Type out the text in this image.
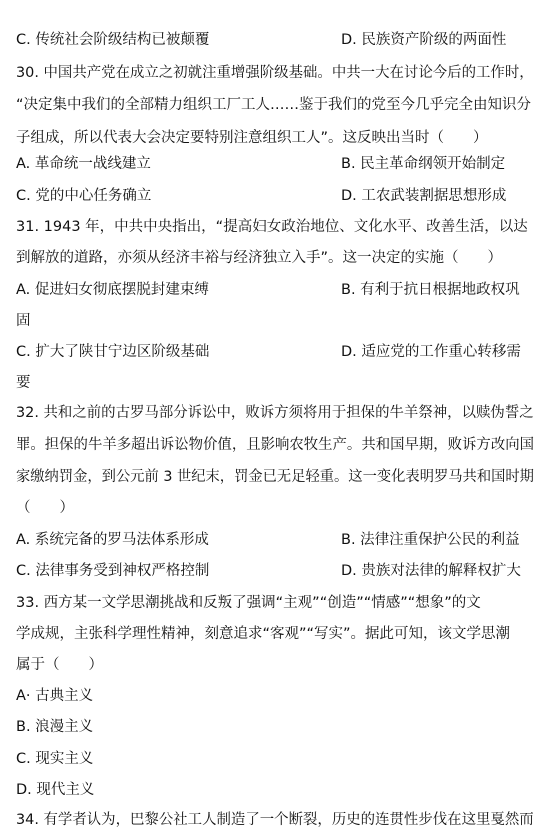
C. 传统社会阶级结构已被颠覆	D. 民族资产阶级的两面性
30. 中国共产党在成立之初就注重增强阶级基础。中共一大在讨论今后的工作时，
“决定集中我们的全部精力组织工厂工人……鉴于我们的党至今几乎完全由知识分
子组成，所以代表大会决定要特别注意组织工人”。这反映出当时（　　）
A. 革命统一战线建立	B. 民主革命纲领开始制定
C. 党的中心任务确立	D. 工农武装割据思想形成
31. 1943 年，中共中央指出，“提高妇女政治地位、文化水平、改善生活，以达
到解放的道路，亦须从经济丰裕与经济独立入手”。这一决定的实施（　　）
A. 促进妇女彻底摆脱封建束缚	B. 有利于抗日根据地政权巩
固
C. 扩大了陕甘宁边区阶级基础	D. 适应党的工作重心转移需
要
32. 共和之前的古罗马部分诉讼中，败诉方须将用于担保的牛羊祭神，以赎伪誓之
罪。担保的牛羊多超出诉讼物价值，且影响农牧生产。共和国早期，败诉方改向国
家缴纳罚金，到公元前 3 世纪末，罚金已无足轻重。这一变化表明罗马共和国时期
（　　）
A. 系统完备的罗马法体系形成	B. 法律注重保护公民的利益
C. 法律事务受到神权严格控制	D. 贵族对法律的解释权扩大
33. 西方某一文学思潮挑战和反叛了强调“主观”“创造”“情感”“想象”的文
学成规，主张科学理性精神，刻意追求“客观”“写实”。据此可知，该文学思潮
属于（　　）
A· 古典主义
B. 浪漫主义
C. 现实主义
D. 现代主义
34. 有学者认为，巴黎公社工人制造了一个断裂，历史的连贯性步伐在这里戛然而
